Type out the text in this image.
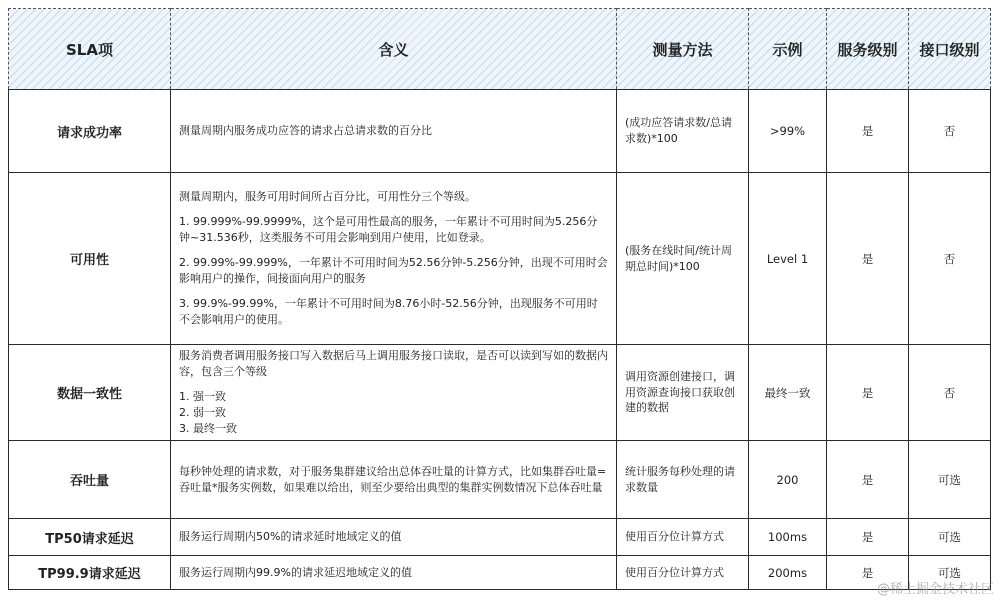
SLA项	含义	测量方法	示例	服务级别	接口级别
请求成功率	测量周期内服务成功应答的请求占总请求数的百分比	(成功应答请求数/总请求数)*100	>99%	是	否
可用性	测量周期内，服务可用时间所占百分比，可用性分三个等级。

1. 99.999%-99.9999%，这个是可用性最高的服务，一年累计不可用时间为5.256分钟~31.536秒，这类服务不可用会影响到用户使用，比如登录。

2. 99.99%-99.999%，一年累计不可用时间为52.56分钟-5.256分钟，出现不可用时会影响用户的操作，间接面向用户的服务

3. 99.9%-99.99%，一年累计不可用时间为8.76小时-52.56分钟，出现服务不可用时不会影响用户的使用。	(服务在线时间/统计周期总时间)*100	Level 1	是	否
数据一致性	服务消费者调用服务接口写入数据后马上调用服务接口读取，是否可以读到写如的数据内容，包含三个等级

1. 强一致
2. 弱一致
3. 最终一致	调用资源创建接口，调用资源查询接口获取创建的数据	最终一致	是	否
吞吐量	每秒钟处理的请求数，对于服务集群建议给出总体吞吐量的计算方式，比如集群吞吐量=吞吐量*服务实例数，如果难以给出，则至少要给出典型的集群实例数情况下总体吞吐量	统计服务每秒处理的请求数量	200	是	可选
TP50请求延迟	服务运行周期内50%的请求延时地域定义的值	使用百分位计算方式	100ms	是	可选
TP99.9请求延迟	服务运行周期内99.9%的请求延迟地域定义的值	使用百分位计算方式	200ms	是	可选
@稀土掘金技术社区
